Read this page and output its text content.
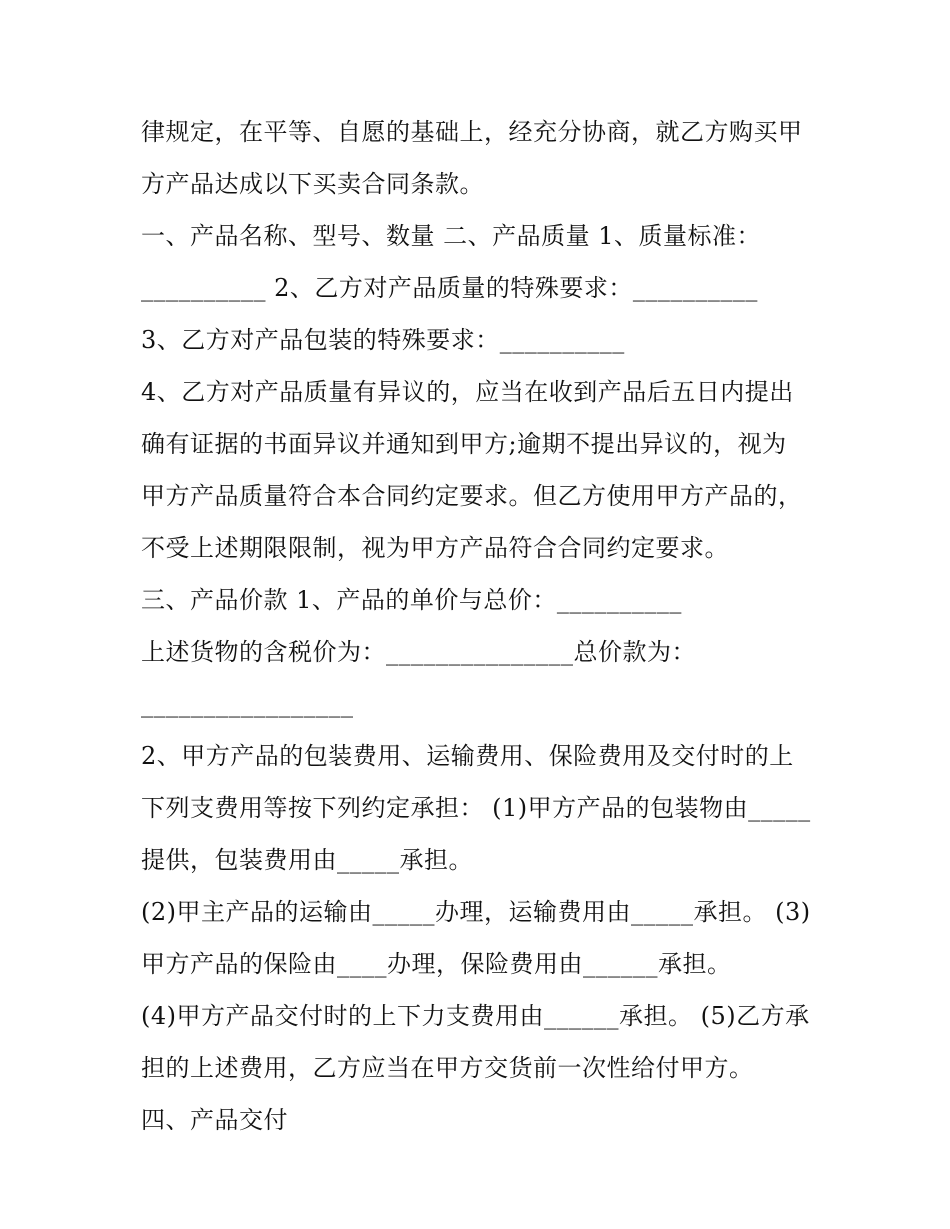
律规定，在平等、自愿的基础上，经充分协商，就乙方购买甲
方产品达成以下买卖合同条款。
一、产品名称、型号、数量 二、产品质量 1、质量标准：
__________ 2、乙方对产品质量的特殊要求：__________
3、乙方对产品包装的特殊要求：__________
4、乙方对产品质量有异议的，应当在收到产品后五日内提出
确有证据的书面异议并通知到甲方;逾期不提出异议的，视为
甲方产品质量符合本合同约定要求。但乙方使用甲方产品的，
不受上述期限限制，视为甲方产品符合合同约定要求。
三、产品价款 1、产品的单价与总价：__________
上述货物的含税价为：_______________总价款为：
_________________
2、甲方产品的包装费用、运输费用、保险费用及交付时的上
下列支费用等按下列约定承担： (1)甲方产品的包装物由_____
提供，包装费用由_____承担。
(2)甲主产品的运输由_____办理，运输费用由_____承担。 (3)
甲方产品的保险由____办理，保险费用由______承担。
(4)甲方产品交付时的上下力支费用由______承担。 (5)乙方承
担的上述费用，乙方应当在甲方交货前一次性给付甲方。
四、产品交付
